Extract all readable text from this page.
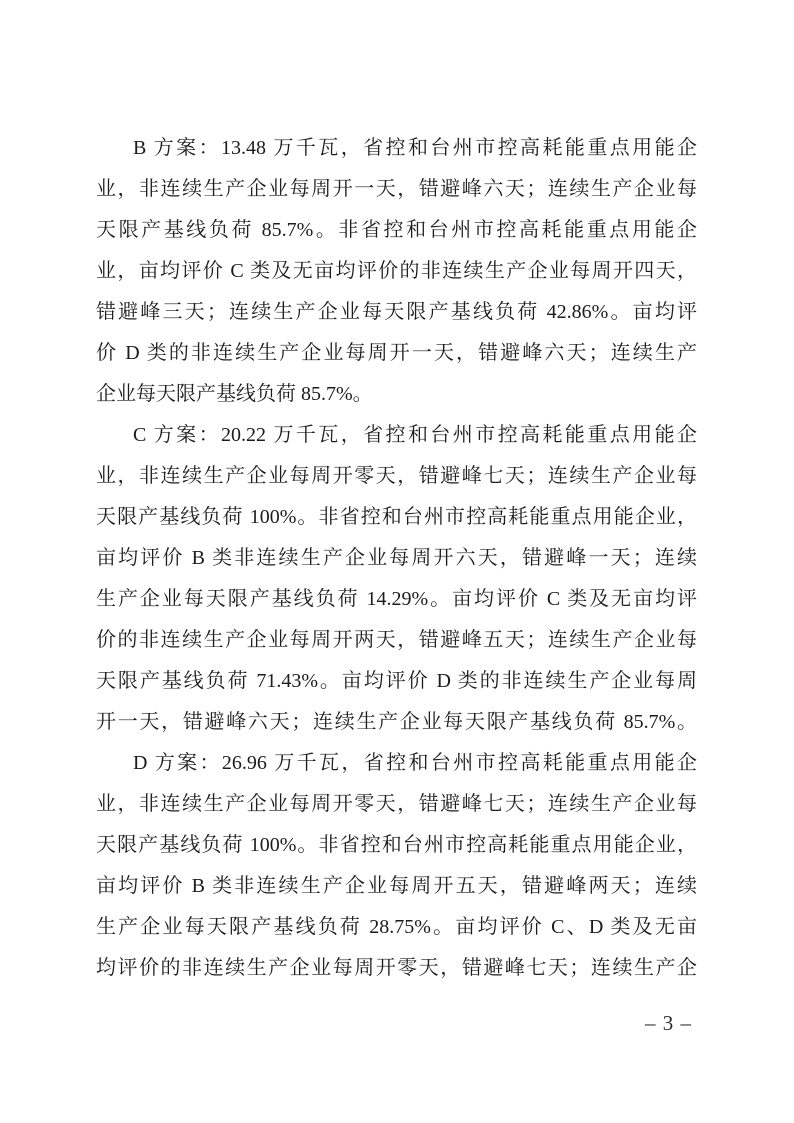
B 方案：13.48 万千瓦，省控和台州市控高耗能重点用能企
业，非连续生产企业每周开一天，错避峰六天；连续生产企业每
天限产基线负荷 85.7%。非省控和台州市控高耗能重点用能企
业，亩均评价 C 类及无亩均评价的非连续生产企业每周开四天，
错避峰三天；连续生产企业每天限产基线负荷 42.86%。亩均评
价 D 类的非连续生产企业每周开一天，错避峰六天；连续生产
企业每天限产基线负荷 85.7%。
C 方案：20.22 万千瓦，省控和台州市控高耗能重点用能企
业，非连续生产企业每周开零天，错避峰七天；连续生产企业每
天限产基线负荷 100%。非省控和台州市控高耗能重点用能企业，
亩均评价 B 类非连续生产企业每周开六天，错避峰一天；连续
生产企业每天限产基线负荷 14.29%。亩均评价 C 类及无亩均评
价的非连续生产企业每周开两天，错避峰五天；连续生产企业每
天限产基线负荷 71.43%。亩均评价 D 类的非连续生产企业每周
开一天，错避峰六天；连续生产企业每天限产基线负荷 85.7%。
D 方案：26.96 万千瓦，省控和台州市控高耗能重点用能企
业，非连续生产企业每周开零天，错避峰七天；连续生产企业每
天限产基线负荷 100%。非省控和台州市控高耗能重点用能企业，
亩均评价 B 类非连续生产企业每周开五天，错避峰两天；连续
生产企业每天限产基线负荷 28.75%。亩均评价 C、D 类及无亩
均评价的非连续生产企业每周开零天，错避峰七天；连续生产企
– 3 –
